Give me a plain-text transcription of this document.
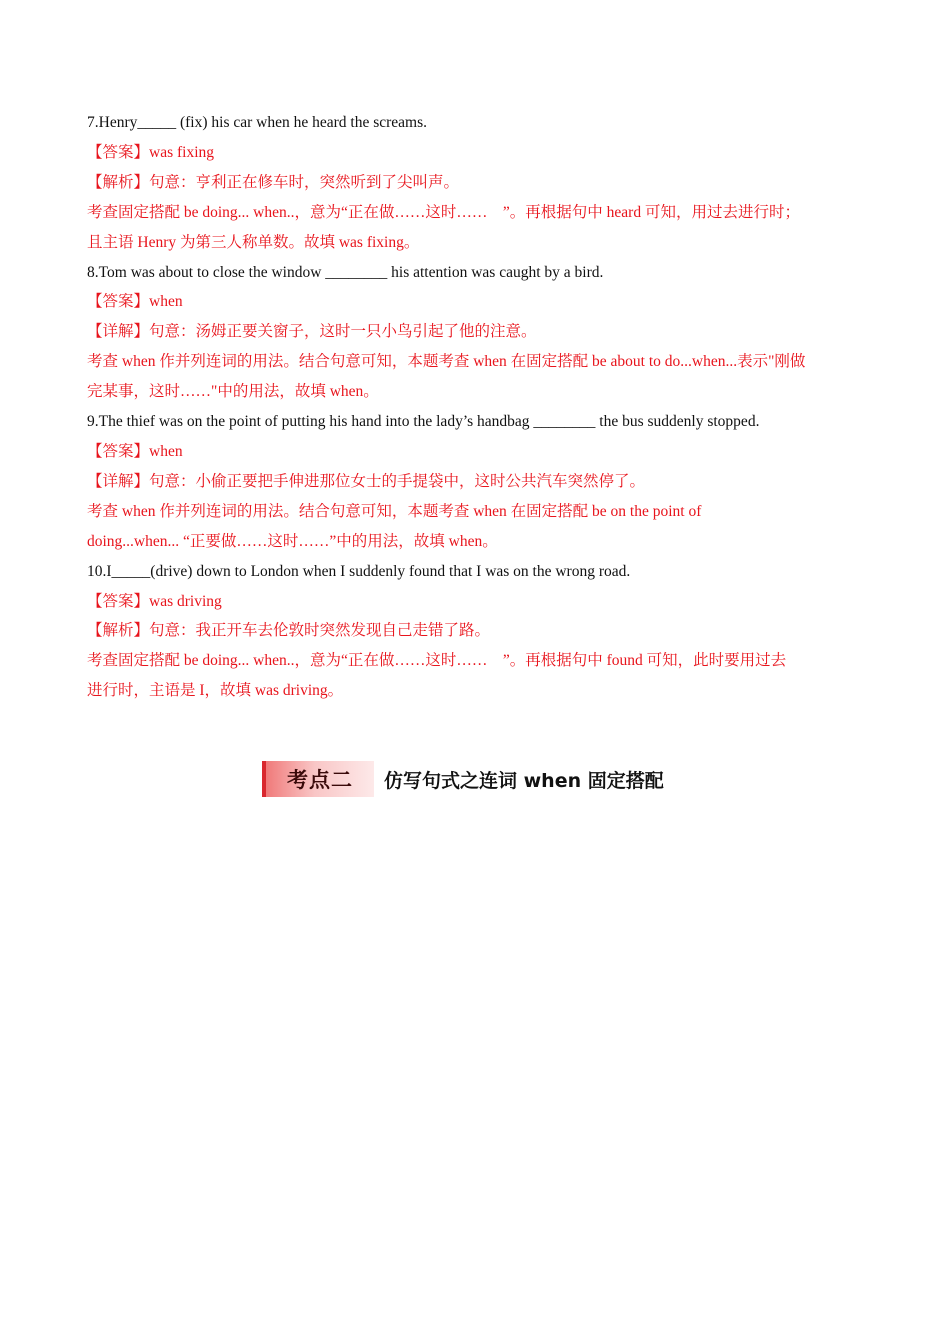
7.Henry_____ (fix) his car when he heard the screams.
【答案】was fixing
【解析】句意：亨利正在修车时，突然听到了尖叫声。
考查固定搭配 be doing... when..，意为“正在做……这时……　”。再根据句中 heard 可知，用过去进行时；
且主语 Henry 为第三人称单数。故填 was fixing。
8.Tom was about to close the window ________ his attention was caught by a bird.
【答案】when
【详解】句意：汤姆正要关窗子，这时一只小鸟引起了他的注意。
考查 when 作并列连词的用法。结合句意可知，本题考查 when 在固定搭配 be about to do...when...表示"刚做
完某事，这时……"中的用法，故填 when。
9.The thief was on the point of putting his hand into the lady’s handbag ________ the bus suddenly stopped.
【答案】when
【详解】句意：小偷正要把手伸进那位女士的手提袋中，这时公共汽车突然停了。
考查 when 作并列连词的用法。结合句意可知，本题考查 when 在固定搭配 be on the point of
doing...when... “正要做……这时……”中的用法，故填 when。
10.I_____(drive) down to London when I suddenly found that I was on the wrong road.
【答案】was driving
【解析】句意：我正开车去伦敦时突然发现自己走错了路。
考查固定搭配 be doing... when..，意为“正在做……这时……　”。再根据句中 found 可知，此时要用过去
进行时，主语是 I，故填 was driving。
考点二 仿写句式之连词 when 固定搭配
